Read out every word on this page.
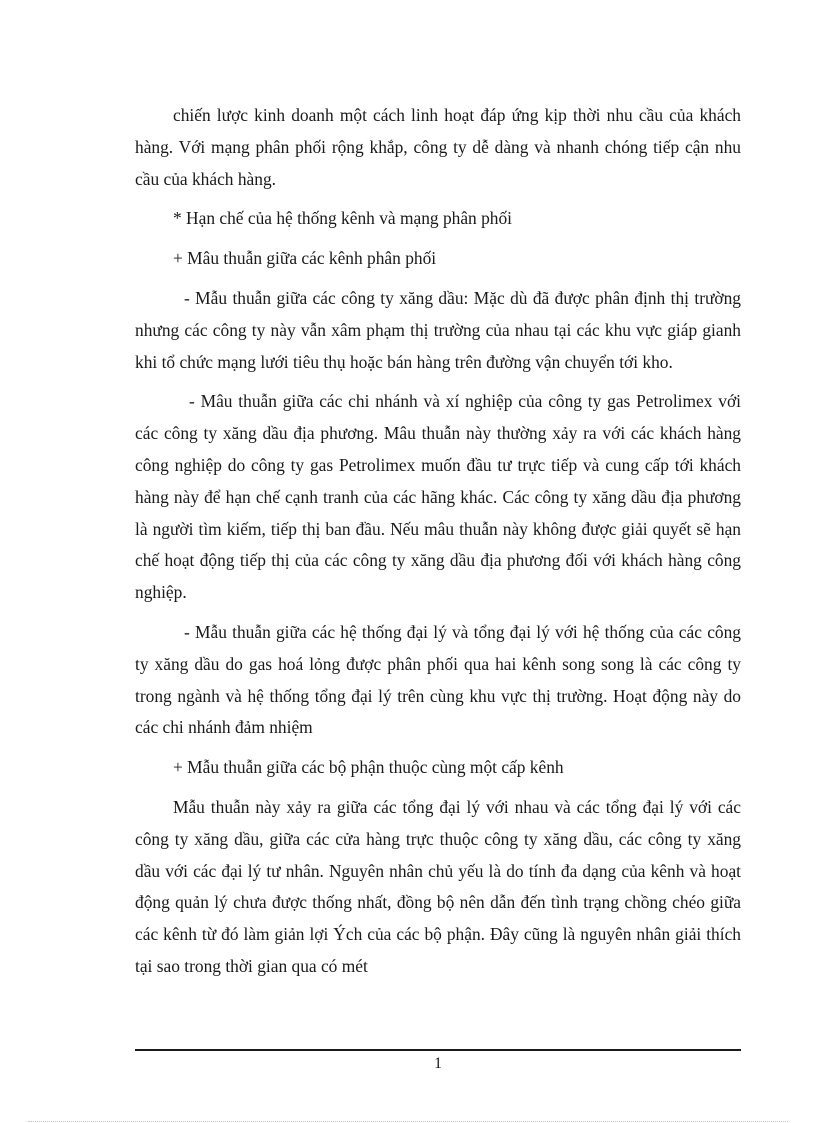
chiến lược kinh doanh một cách linh hoạt đáp ứng kịp thời nhu cầu của khách hàng. Với mạng phân phối rộng khắp, công ty dễ dàng và nhanh chóng tiếp cận nhu cầu của khách hàng.

* Hạn chế của hệ thống kênh và mạng phân phối

+ Mâu thuẫn giữa các kênh phân phối

- Mẫu thuẫn giữa các công ty xăng dầu: Mặc dù đã được phân định thị trường nhưng các công ty này vẫn xâm phạm thị trường của nhau tại các khu vực giáp gianh khi tổ chức mạng lưới tiêu thụ hoặc bán hàng trên đường vận chuyển tới kho.

- Mâu thuẫn giữa các chi nhánh và xí nghiệp của công ty gas Petrolimex với các công ty xăng dầu địa phương. Mâu thuẫn này thường xảy ra với các khách hàng công nghiệp do công ty gas Petrolimex muốn đầu tư trực tiếp và cung cấp tới khách hàng này để hạn chế cạnh tranh của các hãng khác. Các công ty xăng dầu địa phương là người tìm kiếm, tiếp thị ban đầu. Nếu mâu thuẫn này không được giải quyết sẽ hạn chế hoạt động tiếp thị của các công ty xăng dầu địa phương đối với khách hàng công nghiệp.

- Mẫu thuẫn giữa các hệ thống đại lý và tổng đại lý với hệ thống của các công ty xăng dầu do gas hoá lỏng được phân phối qua hai kênh song song là các công ty trong ngành và hệ thống tổng đại lý trên cùng khu vực thị trường. Hoạt động này do các chi nhánh đảm nhiệm

+ Mẫu thuẫn giữa các bộ phận thuộc cùng một cấp kênh

Mẫu thuẫn này xảy ra giữa các tổng đại lý với nhau và các tổng đại lý với các công ty xăng dầu, giữa các cửa hàng trực thuộc công ty xăng dầu, các công ty xăng dầu với các đại lý tư nhân. Nguyên nhân chủ yếu là do tính đa dạng của kênh và hoạt động quản lý chưa được thống nhất, đồng bộ nên dẫn đến tình trạng chồng chéo giữa các kênh từ đó làm giản lợi Ých của các bộ phận. Đây cũng là nguyên nhân giải thích tại sao trong thời gian qua có mét

1
